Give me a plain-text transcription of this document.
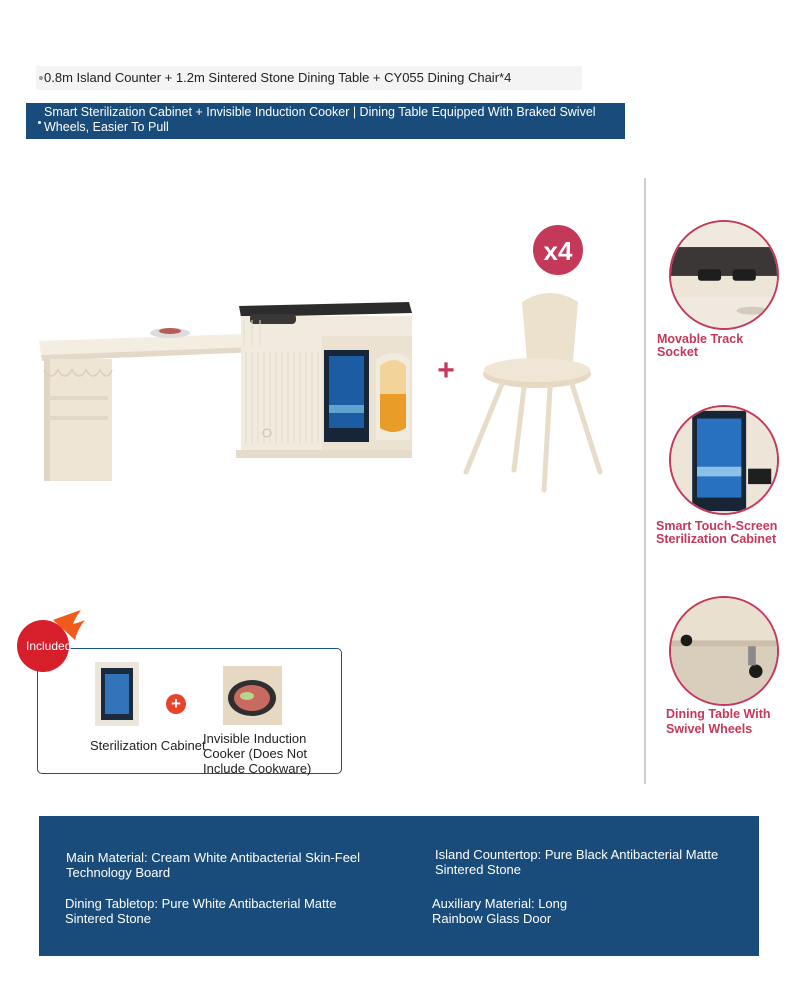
0.8m Island Counter + 1.2m Sintered Stone Dining Table + CY055 Dining Chair*4
Smart Sterilization Cabinet + Invisible Induction Cooker | Dining Table Equipped With Braked Swivel Wheels, Easier To Pull
+
x4
Movable Track Socket
Smart Touch-Screen Sterilization Cabinet
Dining Table With Swivel Wheels
Included
+
Sterilization Cabinet
Invisible Induction Cooker (Does Not Include Cookware)
Main Material: Cream White Antibacterial Skin-Feel Technology Board
Island Countertop: Pure Black Antibacterial Matte Sintered Stone
Dining Tabletop: Pure White Antibacterial Matte Sintered Stone
Auxiliary Material: Long Rainbow Glass Door
